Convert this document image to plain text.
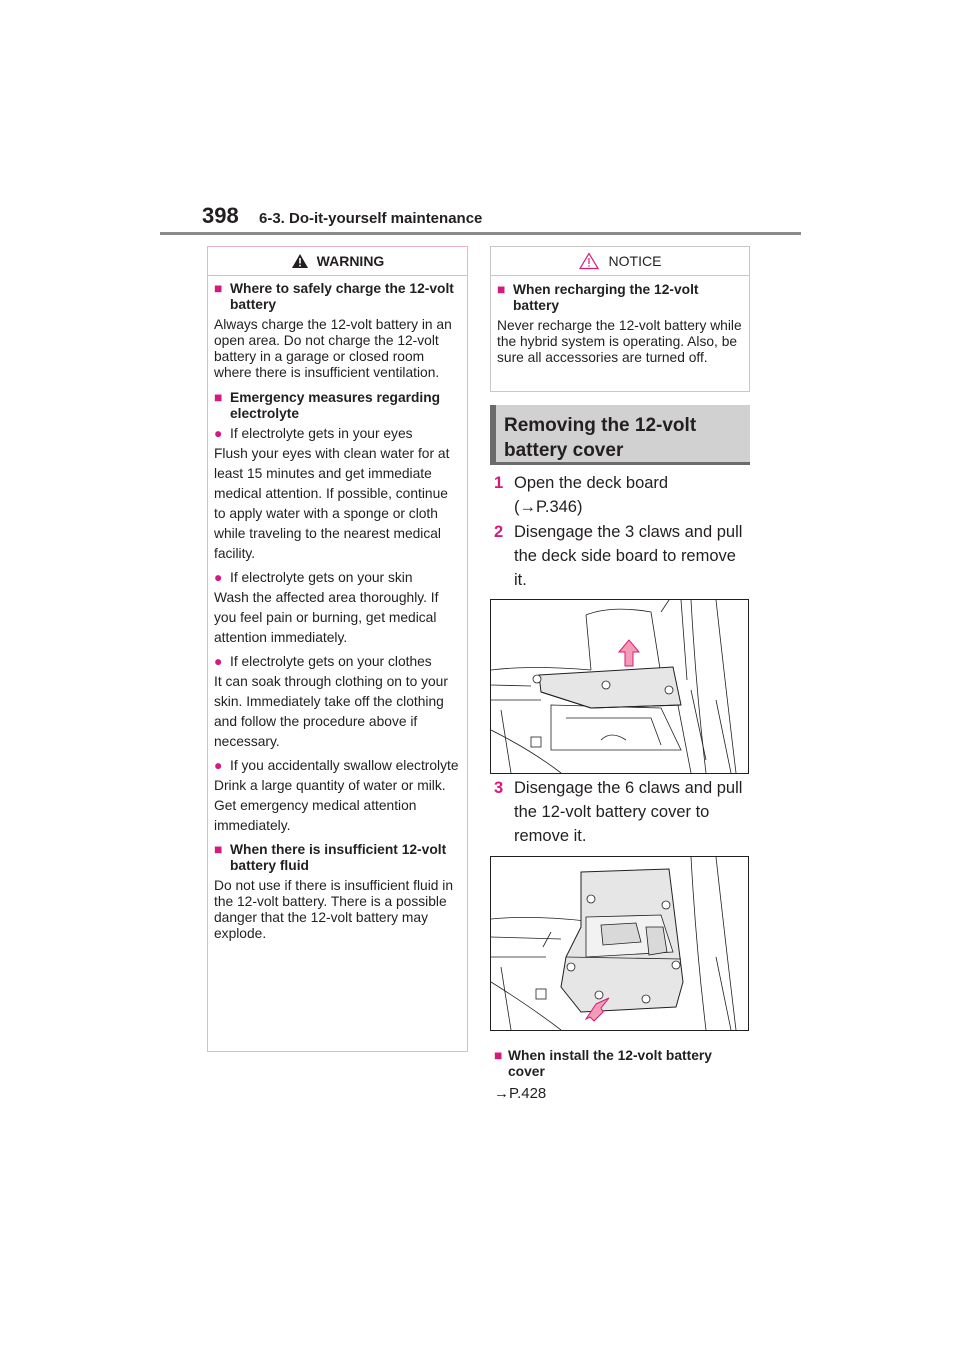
398 6-3. Do-it-yourself maintenance
WARNING
■ Where to safely charge the 12-volt battery
Always charge the 12-volt battery in an open area. Do not charge the 12-volt battery in a garage or closed room where there is insufficient ventilation.
■ Emergency measures regarding electrolyte
● If electrolyte gets in your eyes
Flush your eyes with clean water for at least 15 minutes and get immediate medical attention. If possible, continue to apply water with a sponge or cloth while traveling to the nearest medical facility.
● If electrolyte gets on your skin
Wash the affected area thoroughly. If you feel pain or burning, get medical attention immediately.
● If electrolyte gets on your clothes
It can soak through clothing on to your skin. Immediately take off the clothing and follow the procedure above if necessary.
● If you accidentally swallow electrolyte
Drink a large quantity of water or milk. Get emergency medical attention immediately.
■ When there is insufficient 12-volt battery fluid
Do not use if there is insufficient fluid in the 12-volt battery. There is a possible danger that the 12-volt battery may explode.
NOTICE
■ When recharging the 12-volt battery
Never recharge the 12-volt battery while the hybrid system is operating. Also, be sure all accessories are turned off.
Removing the 12-volt battery cover
1 Open the deck board
(→P.346)
2 Disengage the 3 claws and pull the deck side board to remove it.
3 Disengage the 6 claws and pull the 12-volt battery cover to remove it.
■ When install the 12-volt battery cover
→P.428
